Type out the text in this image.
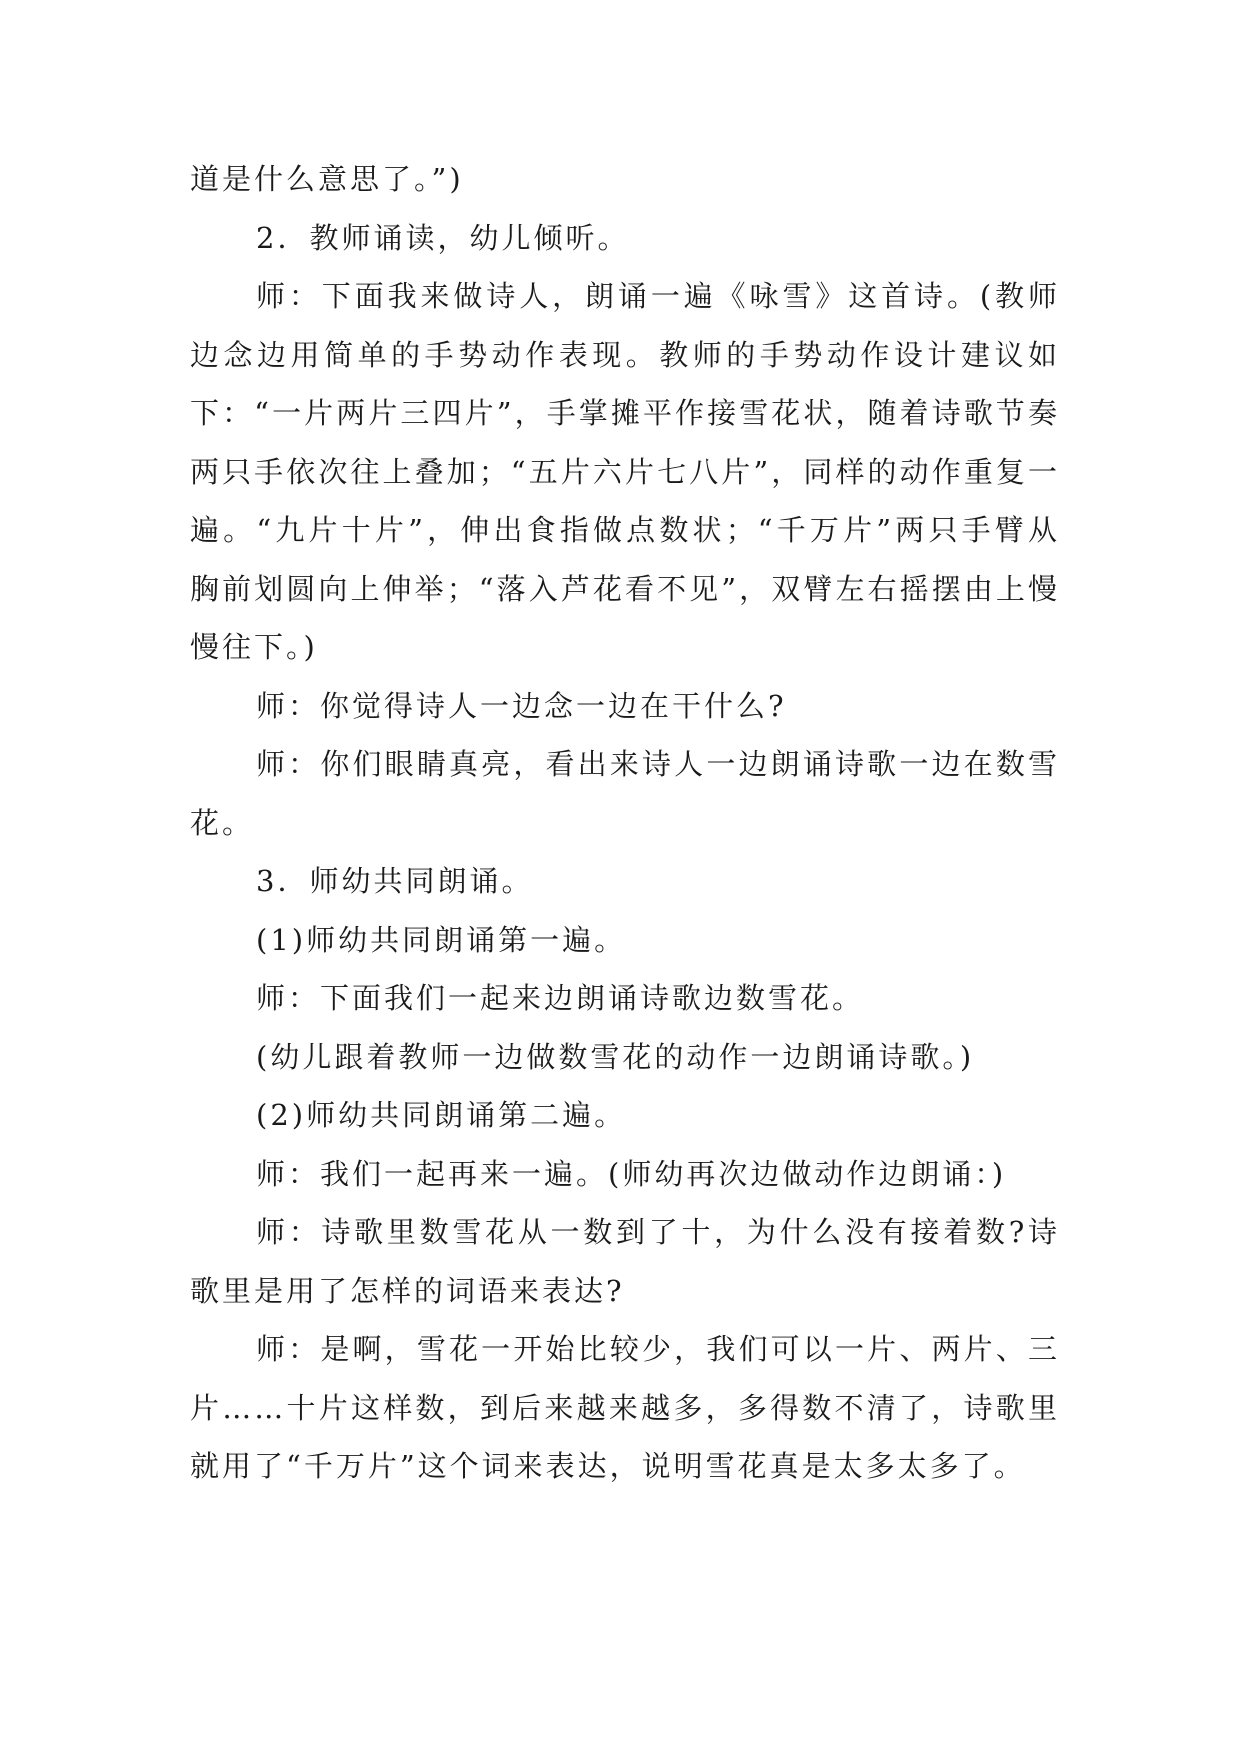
道是什么意思了。”)

2．教师诵读，幼儿倾听。

师：下面我来做诗人，朗诵一遍《咏雪》这首诗。(教师边念边用简单的手势动作表现。教师的手势动作设计建议如下：“一片两片三四片”，手掌摊平作接雪花状，随着诗歌节奏两只手依次往上叠加；“五片六片七八片”，同样的动作重复一遍。“九片十片”，伸出食指做点数状；“千万片”两只手臂从胸前划圆向上伸举；“落入芦花看不见”，双臂左右摇摆由上慢慢往下。)

师：你觉得诗人一边念一边在干什么?

师：你们眼睛真亮，看出来诗人一边朗诵诗歌一边在数雪花。

3．师幼共同朗诵。

(1)师幼共同朗诵第一遍。

师：下面我们一起来边朗诵诗歌边数雪花。

(幼儿跟着教师一边做数雪花的动作一边朗诵诗歌。)

(2)师幼共同朗诵第二遍。

师：我们一起再来一遍。(师幼再次边做动作边朗诵：)

师：诗歌里数雪花从一数到了十，为什么没有接着数?诗歌里是用了怎样的词语来表达?

师：是啊，雪花一开始比较少，我们可以一片、两片、三片……十片这样数，到后来越来越多，多得数不清了，诗歌里就用了“千万片”这个词来表达，说明雪花真是太多太多了。
